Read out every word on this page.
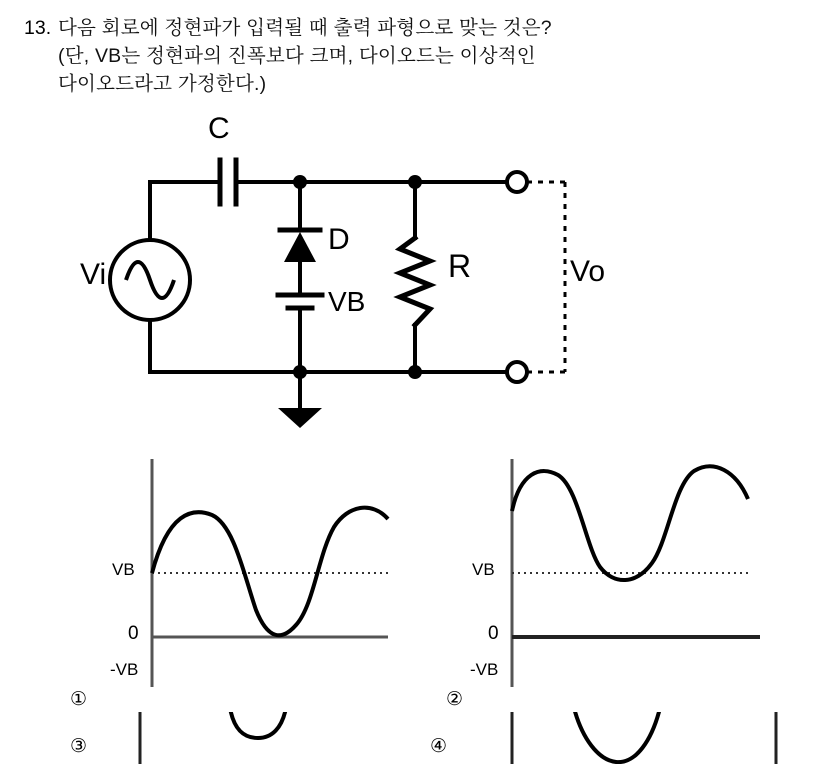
13. 다음 회로에 정현파가 입력될 때 출력 파형으로 맞는 것은?
(단, VB는 정현파의 진폭보다 크며, 다이오드는 이상적인
다이오드라고 가정한다.)
C
D
VB
R
Vi	Vo
VB
0
-VB
VB
0
-VB
①	②
③	④
